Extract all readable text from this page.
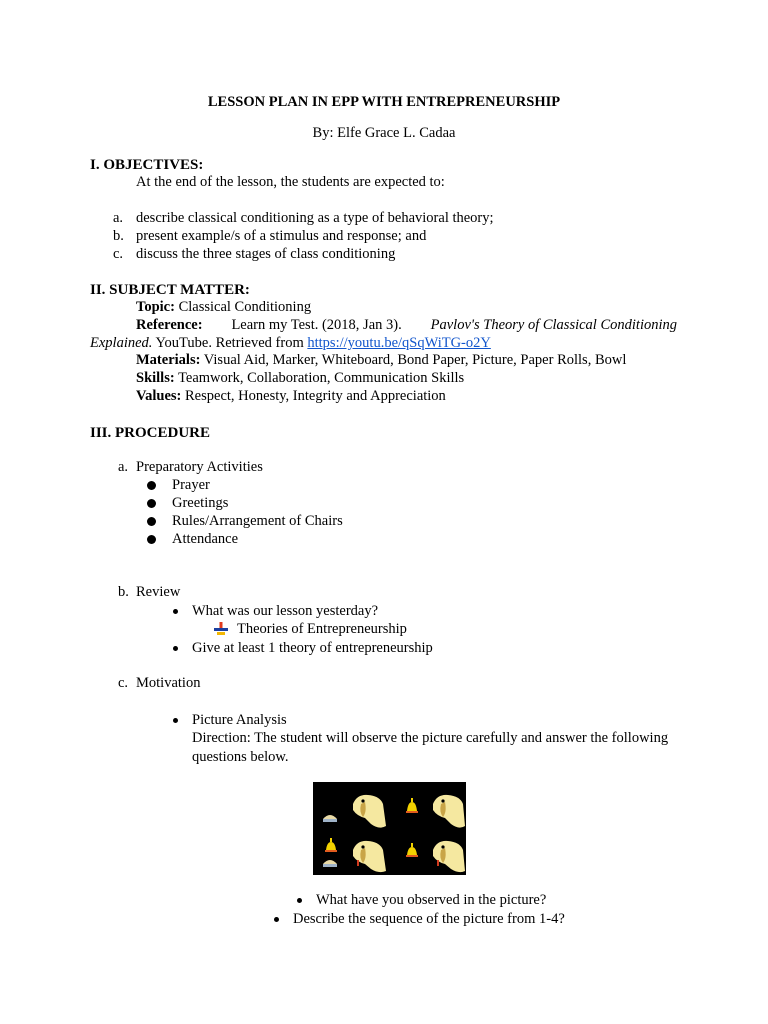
LESSON PLAN IN EPP WITH ENTREPRENEURSHIP
By: Elfe Grace L. Cadaa
I. OBJECTIVES:
At the end of the lesson, the students are expected to:
a. describe classical conditioning as a type of behavioral theory;
b. present example/s of a stimulus and response; and
c. discuss the three stages of class conditioning
II. SUBJECT MATTER:
Topic: Classical Conditioning
Reference: Learn my Test. (2018, Jan 3). Pavlov's Theory of Classical Conditioning
Explained. YouTube. Retrieved from https://youtu.be/qSqWiTG-o2Y
Materials: Visual Aid, Marker, Whiteboard, Bond Paper, Picture, Paper Rolls, Bowl
Skills: Teamwork, Collaboration, Communication Skills
Values: Respect, Honesty, Integrity and Appreciation
III. PROCEDURE
a. Preparatory Activities
Prayer
Greetings
Rules/Arrangement of Chairs
Attendance
b. Review
What was our lesson yesterday?
Theories of Entrepreneurship
Give at least 1 theory of entrepreneurship
c. Motivation
Picture Analysis
Direction: The student will observe the picture carefully and answer the following
questions below.
What have you observed in the picture?
Describe the sequence of the picture from 1-4?
